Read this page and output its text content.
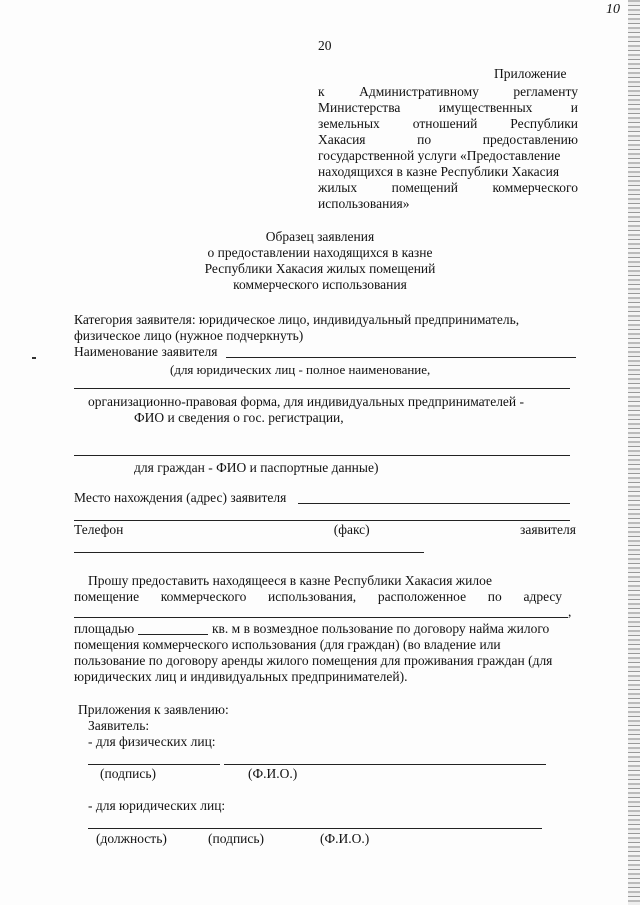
10
20
Приложение
к	Административному	регламенту
Министерства	имущественных	и
земельных отношений Республики
Хакасия	по	предоставлению
государственной услуги «Предоставление
находящихся в казне Республики Хакасия
жилых	помещений	коммерческого
использования»
Образец заявления
о предоставлении находящихся в казне
Республики Хакасия жилых помещений
коммерческого использования
Категория заявителя: юридическое лицо, индивидуальный предприниматель,
физическое лицо (нужное подчеркнуть)
Наименование заявителя
(для юридических лиц - полное наименование,
организационно-правовая форма, для индивидуальных предпринимателей -
ФИО и сведения о гос. регистрации,
для граждан - ФИО и паспортные данные)
Место нахождения (адрес) заявителя
Телефон	(факс)	заявителя
Прошу предоставить находящееся в казне Республики Хакасия жилое
помещение коммерческого использования, расположенное по адресу
,
площадью	кв. м в возмездное пользование по договору найма жилого
помещения коммерческого использования (для граждан) (во владение или
пользование по договору аренды жилого помещения для проживания граждан (для
юридических лиц и индивидуальных предпринимателей).
Приложения к заявлению:
Заявитель:
- для физических лиц:
(подпись)	(Ф.И.О.)
- для юридических лиц:
(должность)	(подпись)	(Ф.И.О.)
